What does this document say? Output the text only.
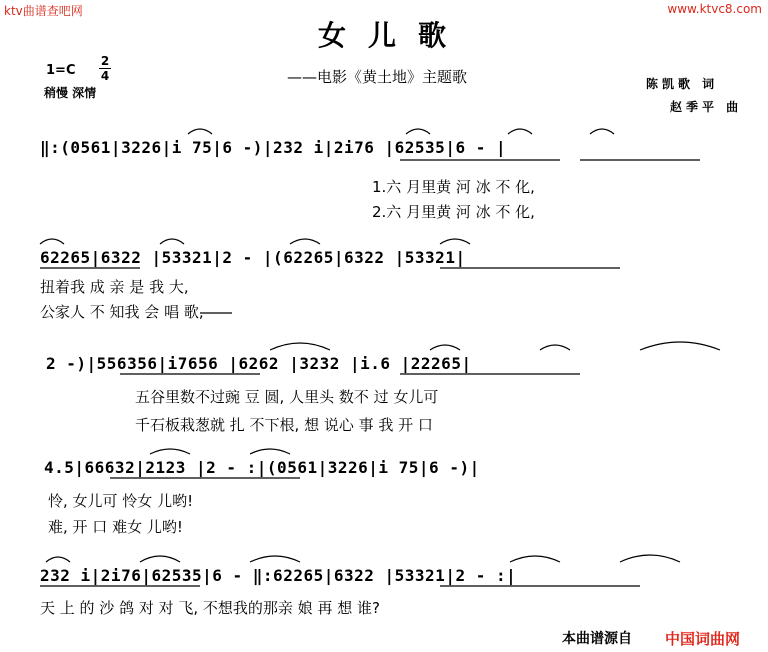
ktv曲谱查吧网	www.ktvc8.com
女儿歌
——电影《黄土地》主题歌
1=C
2
4
稍慢 深情
陈凯歌 词
赵季平 曲
‖:(0561|3226|i 75|6 -)|232 i|2i76 |62535|6 - |
1.六 月里黄 河 冰 不 化,
2.六 月里黄 河 冰 不 化,
62265|6322 |53321|2 - |(62265|6322 |53321|
扭着我 成 亲 是 我 大,
公家人 不 知我 会 唱 歌,
2 -)|556356|i7656 |6262 |3232 |i.6 |22265|
五谷里数不过豌 豆 圆, 人里头 数不 过 女儿可
千石板栽葱就 扎 不下根, 想 说心 事 我 开 口
4.5|66632|2123 |2 - :|(0561|3226|i 75|6 -)|
怜, 女儿可 怜女 儿哟!
难, 开 口 难女 儿哟!
232 i|2i76|62535|6 - ‖:62265|6322 |53321|2 - :|
天 上 的 沙 鸽 对 对 飞, 不想我的那亲 娘 再 想 谁?
本曲谱源自 中国词曲网
